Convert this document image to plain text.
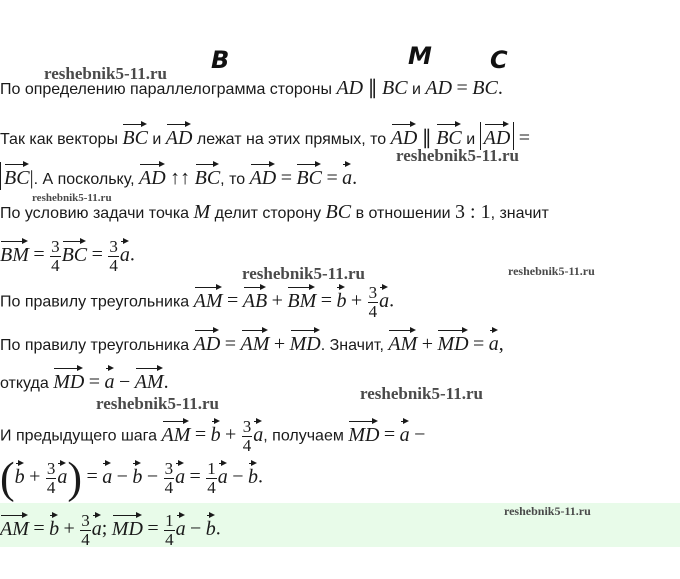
B	M C
По определению параллелограмма стороны AD ∥ BC и AD = BC.
Так как векторы BC и AD лежат на этих прямых, то AD ∥ BC и AD =
BC|. А поскольку, AD ↑↑ BC, то AD = BC = a.
По условию задачи точка M делит сторону BC в отношении 3 : 1, значит
BM = $\frac{3}{4}$ BC = $\frac{3}{4} a$.
По правилу треугольника AM = AB + BM = $b + \frac{3}{4} a$.
По правилу треугольника AD = AM + MD. Значит, AM + MD = a,
откуда MD = a − AM.
И предыдущего шага AM = $b + \frac{3}{4} a$, получаем MD = a −
$(b + \frac{3}{4} a) = a - b - \frac{3}{4}$ $a = \frac{1}{4}$ a − b.
AM = $b + \frac{3}{4} a$; MD = $\frac{1}{4}$ a − b.
reshebnik5-11.ru
reshebnik5-11.ru
reshebnik5-11.ru
reshebnik5-11.ru	reshebnik5-11.ru
reshebnik5-11.ru
reshebnik5-11.ru
reshebnik5-11.ru
